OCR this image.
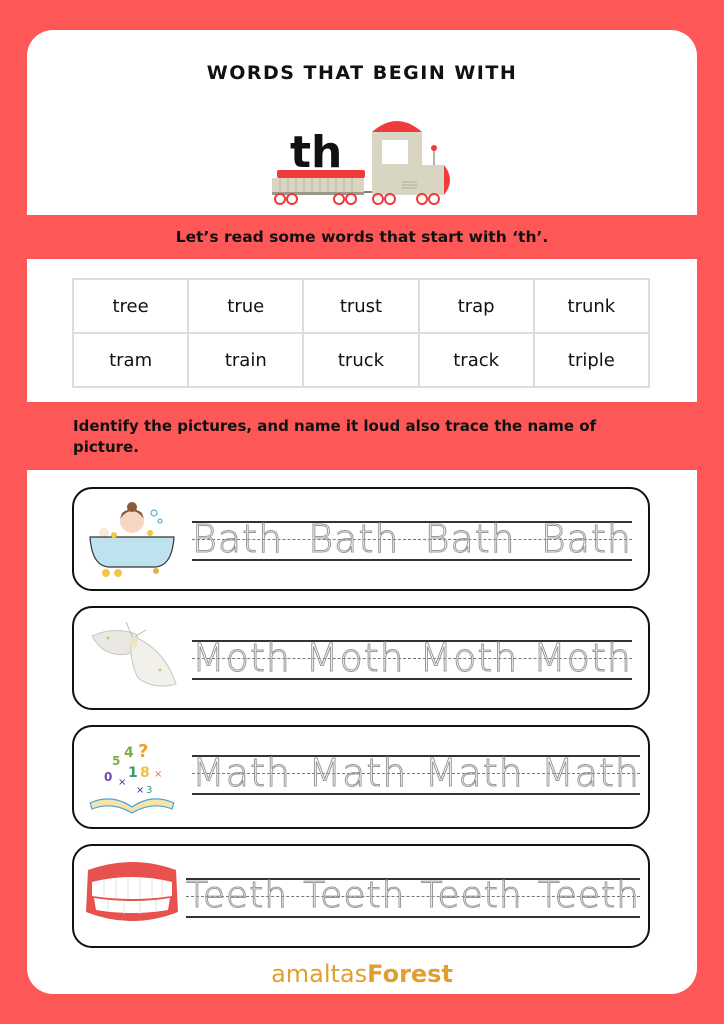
WORDS THAT BEGIN WITH
th
tree	true	trust	trap	trunk
tram	train	truck	track	triple
Bath Bath Bath Bath
Moth Moth Moth Moth
0
5 4 ?
1 8
×
× 3
× Math Math Math Math
Teeth Teeth Teeth Teeth
Let’s read some words that start with ‘th’.
Identify the pictures, and name it loud also trace the name of picture.
amaltasForest
